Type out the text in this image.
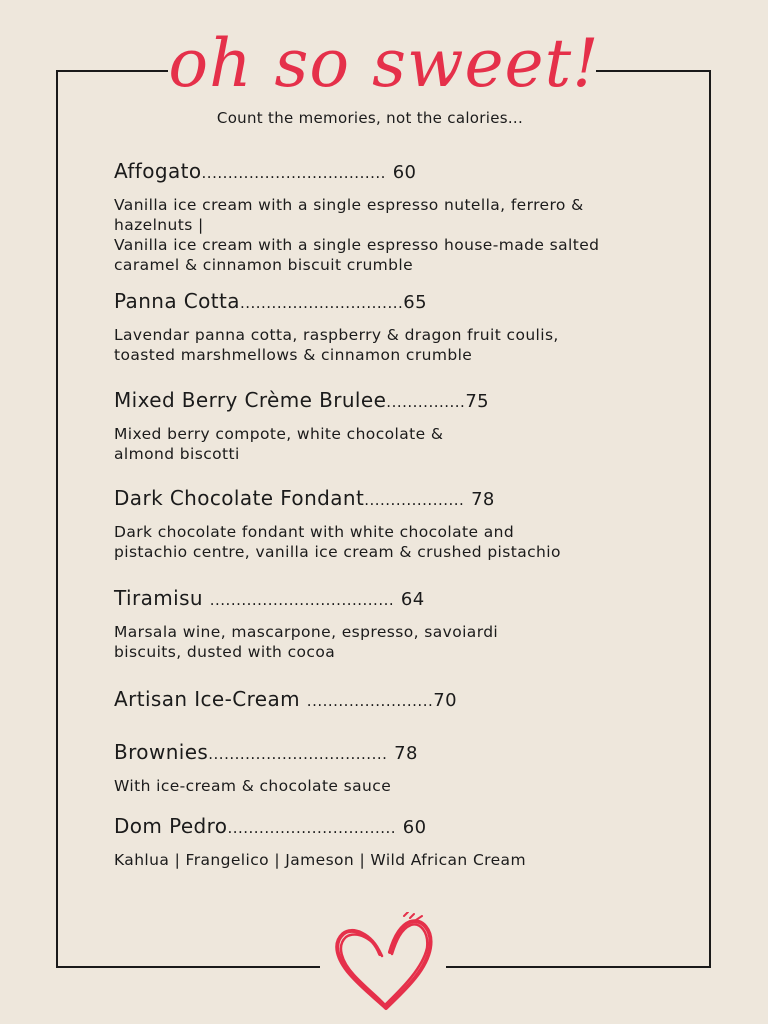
oh so sweet!
Count the memories, not the calories...
Affogato................................... 60
Vanilla ice cream with a single espresso nutella, ferrero &
hazelnuts |
Vanilla ice cream with a single espresso house-made salted
caramel & cinnamon biscuit crumble
Panna Cotta...............................65
Lavendar panna cotta, raspberry & dragon fruit coulis,
toasted marshmellows & cinnamon crumble
Mixed Berry Crème Brulee...............75
Mixed berry compote, white chocolate &
almond biscotti
Dark Chocolate Fondant................... 78
Dark chocolate fondant with white chocolate and
pistachio centre, vanilla ice cream & crushed pistachio
Tiramisu ................................... 64
Marsala wine, mascarpone, espresso, savoiardi
biscuits, dusted with cocoa
Artisan Ice-Cream ........................70
Brownies.................................. 78
With ice-cream & chocolate sauce
Dom Pedro................................ 60
Kahlua | Frangelico | Jameson | Wild African Cream
